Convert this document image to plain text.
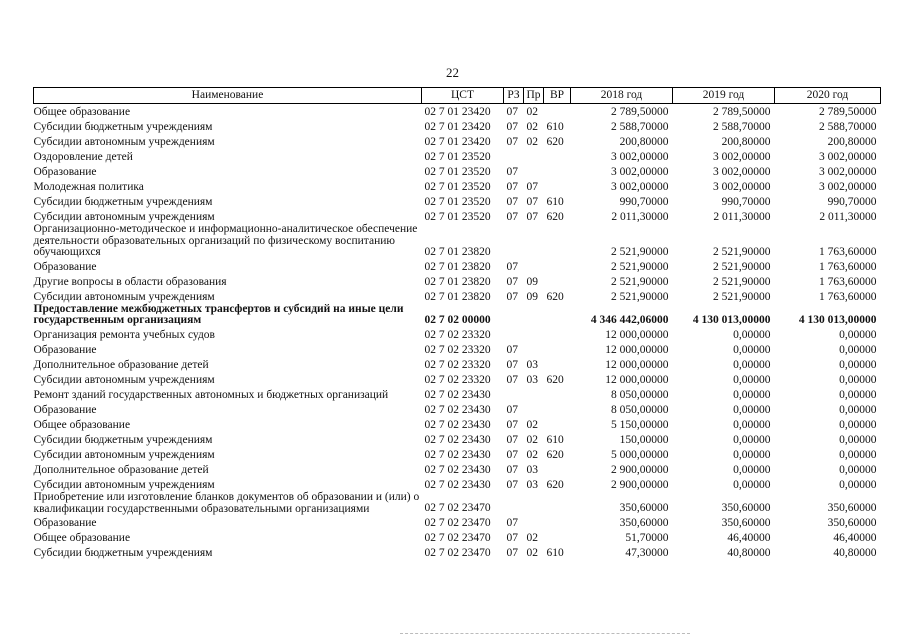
22
Наименование	ЦСТ	РЗ	Пр	ВР	2018 год	2019 год	2020 год
Общее образование	02 7 01 23420	07	02		2 789,50000	2 789,50000	2 789,50000
Субсидии бюджетным учреждениям	02 7 01 23420	07	02	610	2 588,70000	2 588,70000	2 588,70000
Субсидии автономным учреждениям	02 7 01 23420	07	02	620	200,80000	200,80000	200,80000
Оздоровление детей	02 7 01 23520				3 002,00000	3 002,00000	3 002,00000
Образование	02 7 01 23520	07			3 002,00000	3 002,00000	3 002,00000
Молодежная политика	02 7 01 23520	07	07		3 002,00000	3 002,00000	3 002,00000
Субсидии бюджетным учреждениям	02 7 01 23520	07	07	610	990,70000	990,70000	990,70000
Субсидии автономным учреждениям	02 7 01 23520	07	07	620	2 011,30000	2 011,30000	2 011,30000
Организационно-методическое и информационно-аналитическое обеспечение деятельности образовательных организаций по физическому воспитанию обучающихся	02 7 01 23820				2 521,90000	2 521,90000	1 763,60000
Образование	02 7 01 23820	07			2 521,90000	2 521,90000	1 763,60000
Другие вопросы в области образования	02 7 01 23820	07	09		2 521,90000	2 521,90000	1 763,60000
Субсидии автономным учреждениям	02 7 01 23820	07	09	620	2 521,90000	2 521,90000	1 763,60000
Предоставление межбюджетных трансфертов и субсидий на иные цели государственным организациям	02 7 02 00000				4 346 442,06000	4 130 013,00000	4 130 013,00000
Организация ремонта учебных судов	02 7 02 23320				12 000,00000	0,00000	0,00000
Образование	02 7 02 23320	07			12 000,00000	0,00000	0,00000
Дополнительное образование детей	02 7 02 23320	07	03		12 000,00000	0,00000	0,00000
Субсидии автономным учреждениям	02 7 02 23320	07	03	620	12 000,00000	0,00000	0,00000
Ремонт зданий государственных автономных и бюджетных организаций	02 7 02 23430				8 050,00000	0,00000	0,00000
Образование	02 7 02 23430	07			8 050,00000	0,00000	0,00000
Общее образование	02 7 02 23430	07	02		5 150,00000	0,00000	0,00000
Субсидии бюджетным учреждениям	02 7 02 23430	07	02	610	150,00000	0,00000	0,00000
Субсидии автономным учреждениям	02 7 02 23430	07	02	620	5 000,00000	0,00000	0,00000
Дополнительное образование детей	02 7 02 23430	07	03		2 900,00000	0,00000	0,00000
Субсидии автономным учреждениям	02 7 02 23430	07	03	620	2 900,00000	0,00000	0,00000
Приобретение или изготовление бланков документов об образовании и (или) о квалификации государственными образовательными организациями	02 7 02 23470				350,60000	350,60000	350,60000
Образование	02 7 02 23470	07			350,60000	350,60000	350,60000
Общее образование	02 7 02 23470	07	02		51,70000	46,40000	46,40000
Субсидии бюджетным учреждениям	02 7 02 23470	07	02	610	47,30000	40,80000	40,80000
